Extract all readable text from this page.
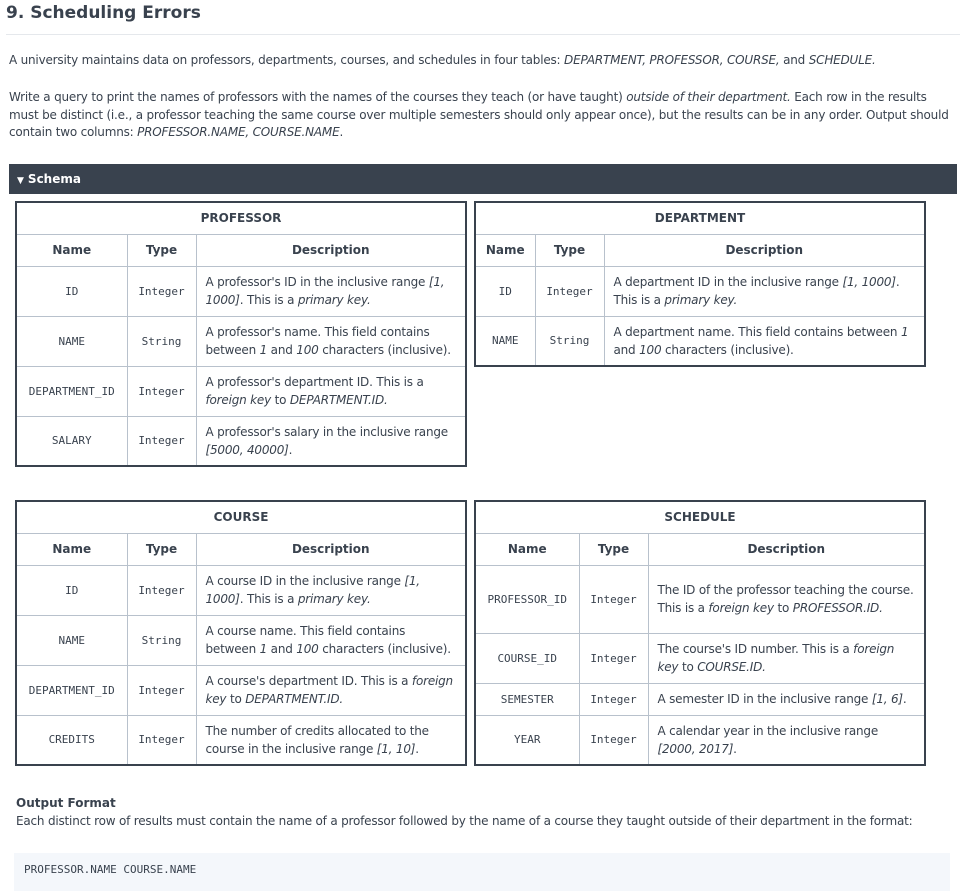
9. Scheduling Errors
A university maintains data on professors, departments, courses, and schedules in four tables: DEPARTMENT, PROFESSOR, COURSE, and SCHEDULE.
Write a query to print the names of professors with the names of the courses they teach (or have taught) outside of their department. Each row in the results must be distinct (i.e., a professor teaching the same course over multiple semesters should only appear once), but the results can be in any order. Output should contain two columns: PROFESSOR.NAME, COURSE.NAME.
▼ Schema
PROFESSOR		
Name	Type	Description
ID	Integer	A professor's ID in the inclusive range [1, 1000]. This is a primary key.
NAME	String	A professor's name. This field contains between 1 and 100 characters (inclusive).
DEPARTMENT_ID	Integer	A professor's department ID. This is a foreign key to DEPARTMENT.ID.
SALARY	Integer	A professor's salary in the inclusive range [5000, 40000].
DEPARTMENT		
Name	Type	Description
ID	Integer	A department ID in the inclusive range [1, 1000]. This is a primary key.
NAME	String	A department name. This field contains between 1 and 100 characters (inclusive).
COURSE		
Name	Type	Description
ID	Integer	A course ID in the inclusive range [1, 1000]. This is a primary key.
NAME	String	A course name. This field contains between 1 and 100 characters (inclusive).
DEPARTMENT_ID	Integer	A course's department ID. This is a foreign key to DEPARTMENT.ID.
CREDITS	Integer	The number of credits allocated to the course in the inclusive range [1, 10].
SCHEDULE		
Name	Type	Description
PROFESSOR_ID	Integer	The ID of the professor teaching the course. This is a foreign key to PROFESSOR.ID.
COURSE_ID	Integer	The course's ID number. This is a foreign key to COURSE.ID.
SEMESTER	Integer	A semester ID in the inclusive range [1, 6].
YEAR	Integer	A calendar year in the inclusive range [2000, 2017].
Output Format
Each distinct row of results must contain the name of a professor followed by the name of a course they taught outside of their department in the format:
PROFESSOR.NAME COURSE.NAME
